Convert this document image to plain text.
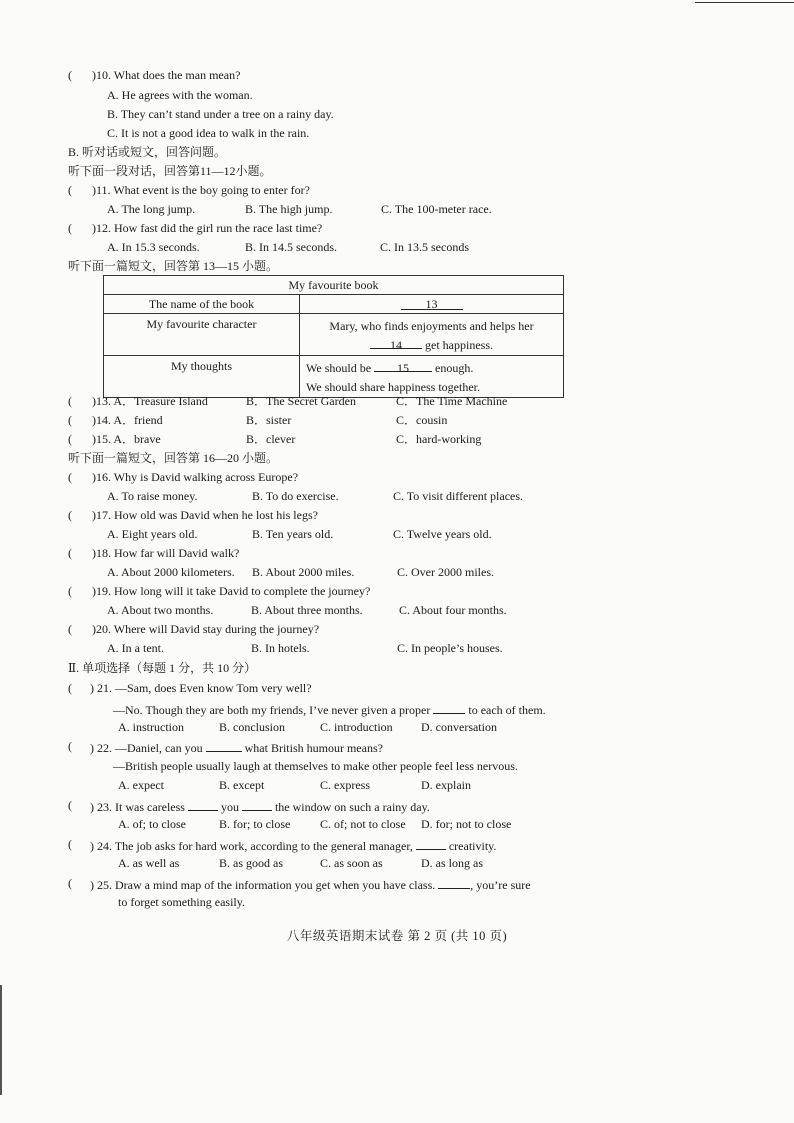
( )10. What does the man mean?
A. He agrees with the woman.
B. They can’t stand under a tree on a rainy day.
C. It is not a good idea to walk in the rain.
B. 听对话或短文，回答问题。
听下面一段对话，回答第11—12小题。
( )11. What event is the boy going to enter for?
A. The long jump.	B. The high jump.	C. The 100-meter race.
( )12. How fast did the girl run the race last time?
A. In 15.3 seconds.	B. In 14.5 seconds.	C. In 13.5 seconds
听下面一篇短文，回答第 13—15 小题。
My favourite book	
The name of the book	13
My favourite character	Mary, who finds enjoyments and helps her
14 get happiness.

My thoughts	We should be 15 enough.
We should share happiness together.
( )13. A．Treasure Island	B．The Secret Garden	C．The Time Machine
( )14. A．friend	B．sister	C．cousin
( )15. A．brave	B．clever	C．hard-working
听下面一篇短文，回答第 16—20 小题。
( )16. Why is David walking across Europe?
A. To raise money.	B. To do exercise.	C. To visit different places.
( )17. How old was David when he lost his legs?
A. Eight years old.	B. Ten years old.	C. Twelve years old.
( )18. How far will David walk?
A. About 2000 kilometers. B. About 2000 miles.	C. Over 2000 miles.
( )19. How long will it take David to complete the journey?
A. About two months.	B. About three months.	C. About four months.
( )20. Where will David stay during the journey?
A. In a tent.	B. In hotels.	C. In people’s houses.
Ⅱ. 单项选择（每题 1 分，共 10 分）
( ) 21. —Sam, does Even know Tom very well?
—No. Though they are both my friends, I’ve never given a proper	to each of them.
A. instruction	B. conclusion	C. introduction D. conversation
( ) 22. —Daniel, can you	what British humour means?
—British people usually laugh at themselves to make other people feel less nervous.
A. expect	B. except	C. express	D. explain
( ) 23. It was careless	you	the window on such a rainy day.
A. of; to close	B. for; to close C. of; not to close D. for; not to close
( ) 24. The job asks for hard work, according to the general manager,	creativity.
A. as well as	B. as good as	C. as soon as	D. as long as
( ) 25. Draw a mind map of the information you get when you have class.	, you’re sure
to forget something easily.
八年级英语期末试卷 第 2 页 (共 10 页)
